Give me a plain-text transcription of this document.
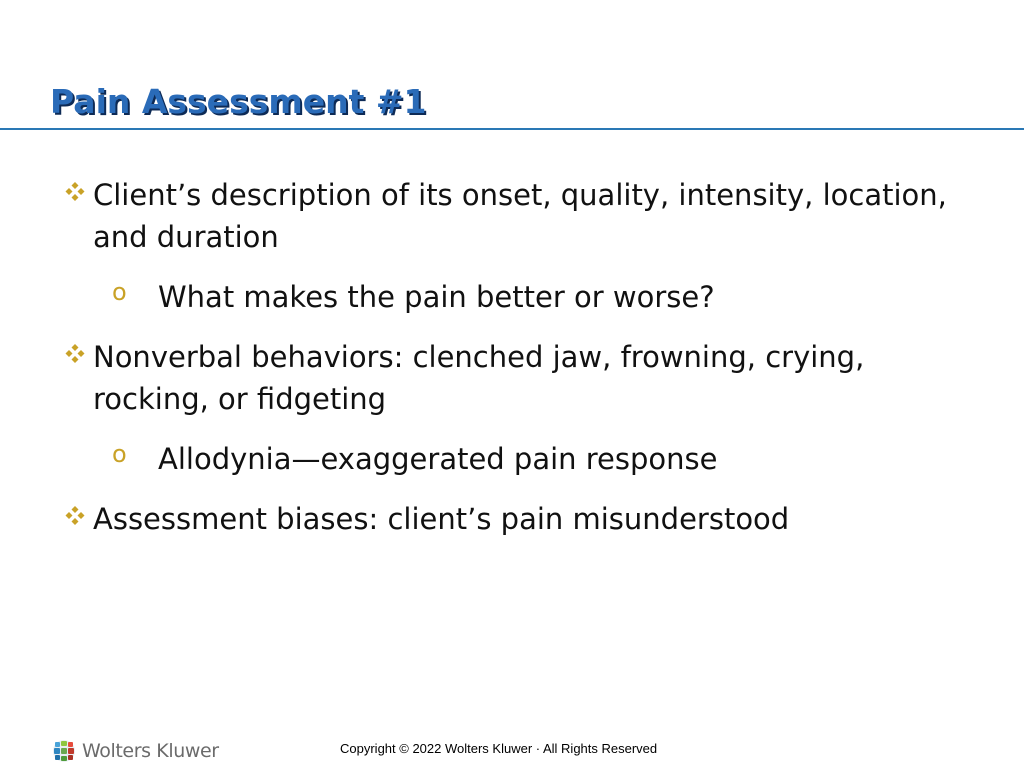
Pain Assessment #1
Client’s description of its onset, quality, intensity, location, and duration
o What makes the pain better or worse?
Nonverbal behaviors: clenched jaw, frowning, crying, rocking, or fidgeting
o Allodynia—exaggerated pain response
Assessment biases: client’s pain misunderstood
Wolters Kluwer	Copyright © 2022 Wolters Kluwer · All Rights Reserved
